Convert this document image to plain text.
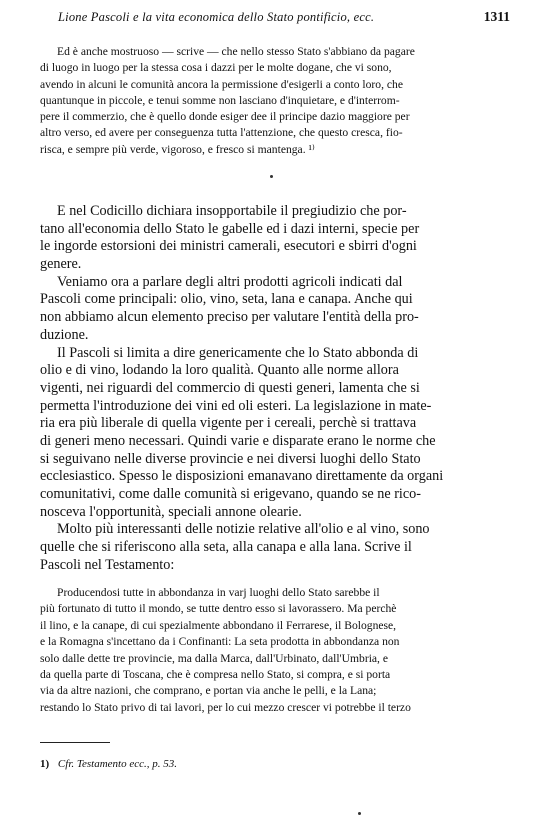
Lione Pascoli e la vita economica dello Stato pontificio, ecc.	1311
Ed è anche mostruoso — scrive — che nello stesso Stato s'abbiano da pagare
di luogo in luogo per la stessa cosa i dazzi per le molte dogane, che vi sono,
avendo in alcuni le comunità ancora la permissione d'esigerli a conto loro, che
quantunque in piccole, e tenui somme non lasciano d'inquietare, e d'interrom-
pere il commerzio, che è quello donde esiger dee il principe dazio maggiore per
altro verso, ed avere per conseguenza tutta l'attenzione, che questo cresca, fio-
risca, e sempre più verde, vigoroso, e fresco si mantenga. ¹⁾
E nel Codicillo dichiara insopportabile il pregiudizio che por-
tano all'economia dello Stato le gabelle ed i dazi interni, specie per
le ingorde estorsioni dei ministri camerali, esecutori e sbirri d'ogni
genere.
Veniamo ora a parlare degli altri prodotti agricoli indicati dal
Pascoli come principali: olio, vino, seta, lana e canapa. Anche qui
non abbiamo alcun elemento preciso per valutare l'entità della pro-
duzione.
Il Pascoli si limita a dire genericamente che lo Stato abbonda di
olio e di vino, lodando la loro qualità. Quanto alle norme allora
vigenti, nei riguardi del commercio di questi generi, lamenta che si
permetta l'introduzione dei vini ed oli esteri. La legislazione in mate-
ria era più liberale di quella vigente per i cereali, perchè si trattava
di generi meno necessari. Quindi varie e disparate erano le norme che
si seguivano nelle diverse provincie e nei diversi luoghi dello Stato
ecclesiastico. Spesso le disposizioni emanavano direttamente da organi
comunitativi, come dalle comunità si erigevano, quando se ne rico-
nosceva l'opportunità, speciali annone olearie.
Molto più interessanti delle notizie relative all'olio e al vino, sono
quelle che si riferiscono alla seta, alla canapa e alla lana. Scrive il
Pascoli nel Testamento:
Producendosi tutte in abbondanza in varj luoghi dello Stato sarebbe il
più fortunato di tutto il mondo, se tutte dentro esso si lavorassero. Ma perchè
il lino, e la canape, di cui spezialmente abbondano il Ferrarese, il Bolognese,
e la Romagna s'incettano da i Confinanti: La seta prodotta in abbondanza non
solo dalle dette tre provincie, ma dalla Marca, dall'Urbinato, dall'Umbria, e
da quella parte di Toscana, che è compresa nello Stato, si compra, e si porta
via da altre nazioni, che comprano, e portan via anche le pelli, e la Lana;
restando lo Stato privo di tai lavori, per lo cui mezzo crescer vi potrebbe il terzo
1) Cfr. Testamento ecc., p. 53.
